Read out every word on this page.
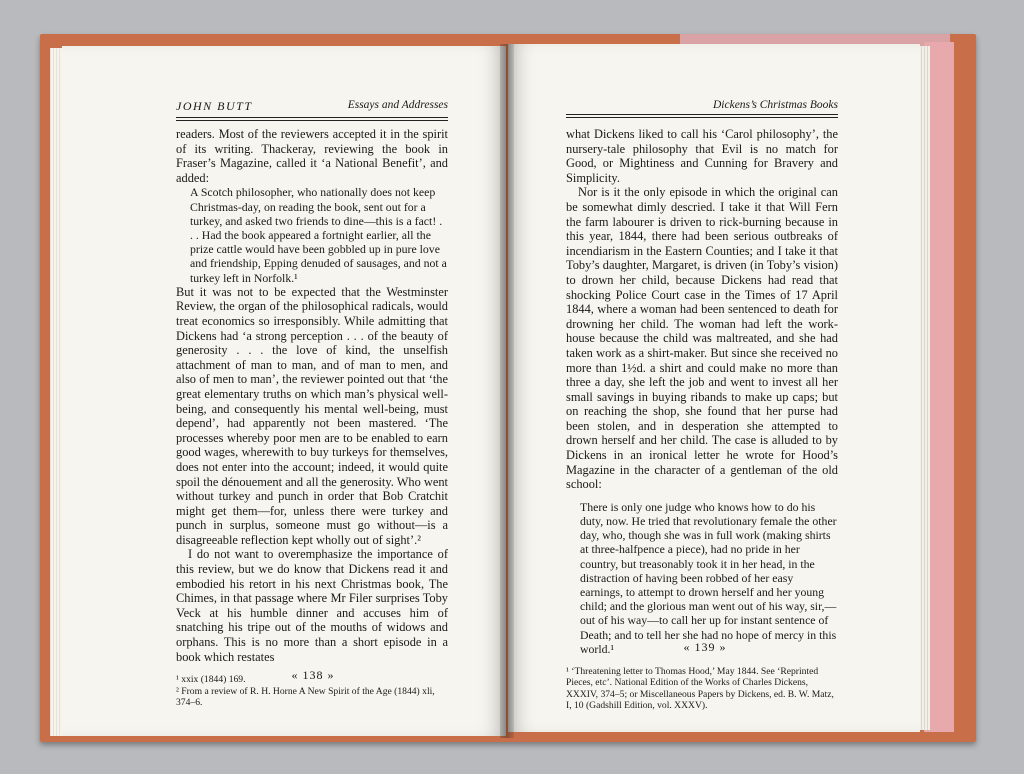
JOHN BUTT	Essays and Addresses

readers. Most of the reviewers accepted it in the spirit of its writing. Thackeray, reviewing the book in Fraser’s Magazine, called it ‘a National Benefit’, and added:

A Scotch philosopher, who nationally does not keep Christmas-day, on reading the book, sent out for a turkey, and asked two friends to dine—this is a fact! . . . Had the book appeared a fortnight earlier, all the prize cattle would have been gobbled up in pure love and friendship, Epping denuded of sausages, and not a turkey left in Norfolk.¹

But it was not to be expected that the Westminster Review, the organ of the philosophical radicals, would treat economics so irresponsibly. While admitting that Dickens had ‘a strong perception . . . of the beauty of generosity . . . the love of kind, the unselfish attachment of man to man, and of man to men, and also of men to man’, the reviewer pointed out that ‘the great elementary truths on which man’s physical well-being, and consequently his mental well-being, must depend’, had apparently not been mastered. ‘The processes whereby poor men are to be enabled to earn good wages, wherewith to buy turkeys for themselves, does not enter into the account; indeed, it would quite spoil the dénouement and all the generosity. Who went without turkey and punch in order that Bob Cratchit might get them—for, unless there were turkey and punch in surplus, someone must go without—is a disagreeable reflection kept wholly out of sight’.²

I do not want to overemphasize the importance of this review, but we do know that Dickens read it and embodied his retort in his next Christmas book, The Chimes, in that passage where Mr Filer surprises Toby Veck at his humble dinner and accuses him of snatching his tripe out of the mouths of widows and orphans. This is no more than a short episode in a book which restates

¹ xxix (1844) 169.
² From a review of R. H. Horne A New Spirit of the Age (1844) xli, 374–6.
« 138 »
Dickens’s Christmas Books

what Dickens liked to call his ‘Carol philosophy’, the nursery-tale philosophy that Evil is no match for Good, or Mightiness and Cunning for Bravery and Simplicity.

Nor is it the only episode in which the original can be somewhat dimly descried. I take it that Will Fern the farm labourer is driven to rick-burning because in this year, 1844, there had been serious outbreaks of incendiarism in the Eastern Counties; and I take it that Toby’s daughter, Margaret, is driven (in Toby’s vision) to drown her child, because Dickens had read that shocking Police Court case in the Times of 17 April 1844, where a woman had been sentenced to death for drowning her child. The woman had left the work-house because the child was maltreated, and she had taken work as a shirt-maker. But since she received no more than 1½d. a shirt and could make no more than three a day, she left the job and went to invest all her small savings in buying ribands to make up caps; but on reaching the shop, she found that her purse had been stolen, and in desperation she attempted to drown herself and her child. The case is alluded to by Dickens in an ironical letter he wrote for Hood’s Magazine in the character of a gentleman of the old school:

There is only one judge who knows how to do his duty, now. He tried that revolutionary female the other day, who, though she was in full work (making shirts at three-halfpence a piece), had no pride in her country, but treasonably took it in her head, in the distraction of having been robbed of her easy earnings, to attempt to drown herself and her young child; and the glorious man went out of his way, sir,—out of his way—to call her up for instant sentence of Death; and to tell her she had no hope of mercy in this world.¹
¹ ‘Threatening letter to Thomas Hood,’ May 1844. See ‘Reprinted Pieces, etc’. National Edition of the Works of Charles Dickens, XXXIV, 374–5; or Miscellaneous Papers by Dickens, ed. B. W. Matz, I, 10 (Gadshill Edition, vol. XXXV).
« 139 »
